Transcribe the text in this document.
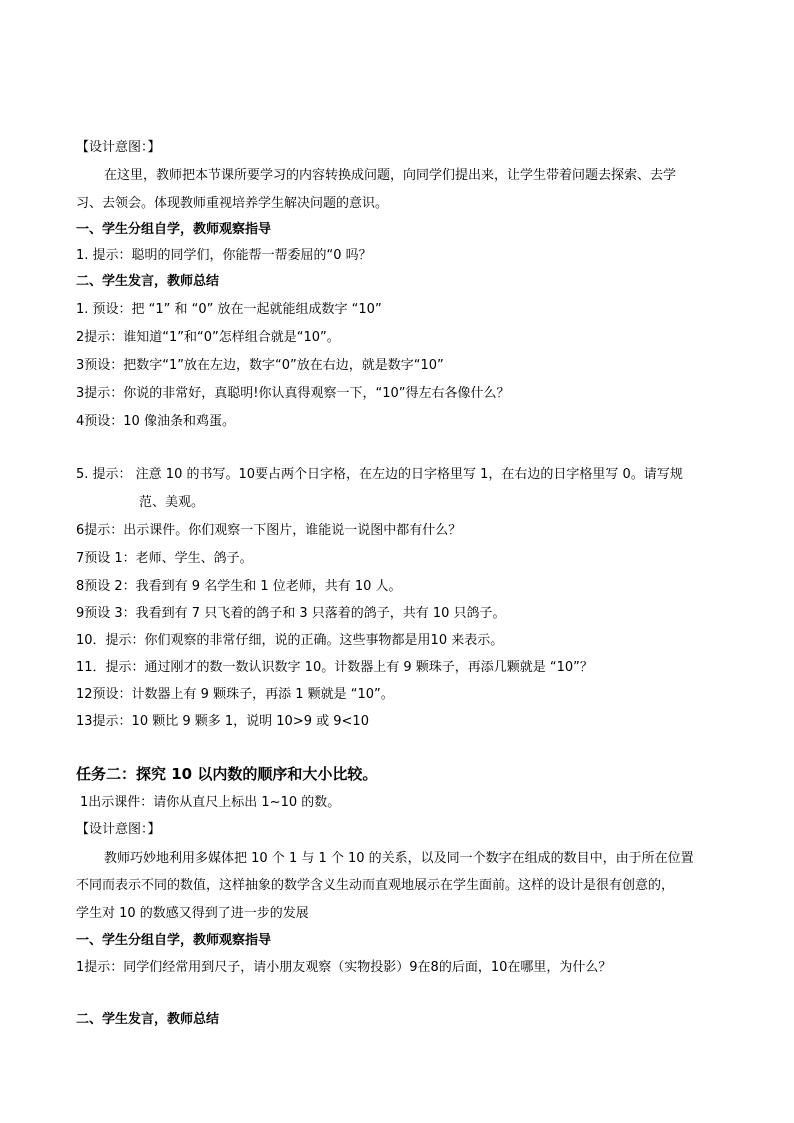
【设计意图：】
在这里，教师把本节课所要学习的内容转换成问题，向同学们提出来，让学生带着问题去探索、去学
习、去领会。体现教师重视培养学生解决问题的意识。
一、学生分组自学，教师观察指导
1. 提示：聪明的同学们，你能帮一帮委屈的“0 吗？
二、学生发言，教师总结
1. 预设：把 “1” 和 “0” 放在一起就能组成数字 “10”
2提示：谁知道“1”和“0”怎样组合就是“10”。
3预设：把数字“1”放在左边，数字“0”放在右边，就是数字“10”
3提示：你说的非常好，真聪明!你认真得观察一下，“10”得左右各像什么？
4预设：10 像油条和鸡蛋。
5. 提示： 注意 10 的书写。10要占两个日字格，在左边的日字格里写 1，在右边的日字格里写 0。请写规
范、美观。
6提示：出示课件。你们观察一下图片，谁能说一说图中都有什么？
7预设 1：老师、学生、鸽子。
8预设 2：我看到有 9 名学生和 1 位老师，共有 10 人。
9预设 3：我看到有 7 只飞着的鸽子和 3 只落着的鸽子，共有 10 只鸽子。
10．提示：你们观察的非常仔细，说的正确。这些事物都是用10 来表示。
11．提示：通过刚才的数一数认识数字 10。计数器上有 9 颗珠子，再添几颗就是 “10”？
12预设：计数器上有 9 颗珠子，再添 1 颗就是 “10”。
13提示：10 颗比 9 颗多 1，说明 10>9 或 9<10
任务二：探究 10 以内数的顺序和大小比较。
1出示课件：请你从直尺上标出 1~10 的数。
【设计意图：】
教师巧妙地利用多媒体把 10 个 1 与 1 个 10 的关系，以及同一个数字在组成的数目中，由于所在位置
不同而表示不同的数值，这样抽象的数学含义生动而直观地展示在学生面前。这样的设计是很有创意的，
学生对 10 的数感又得到了进一步的发展
一、学生分组自学，教师观察指导
1提示：同学们经常用到尺子，请小朋友观察（实物投影）9在8的后面，10在哪里，为什么？
二、学生发言，教师总结
